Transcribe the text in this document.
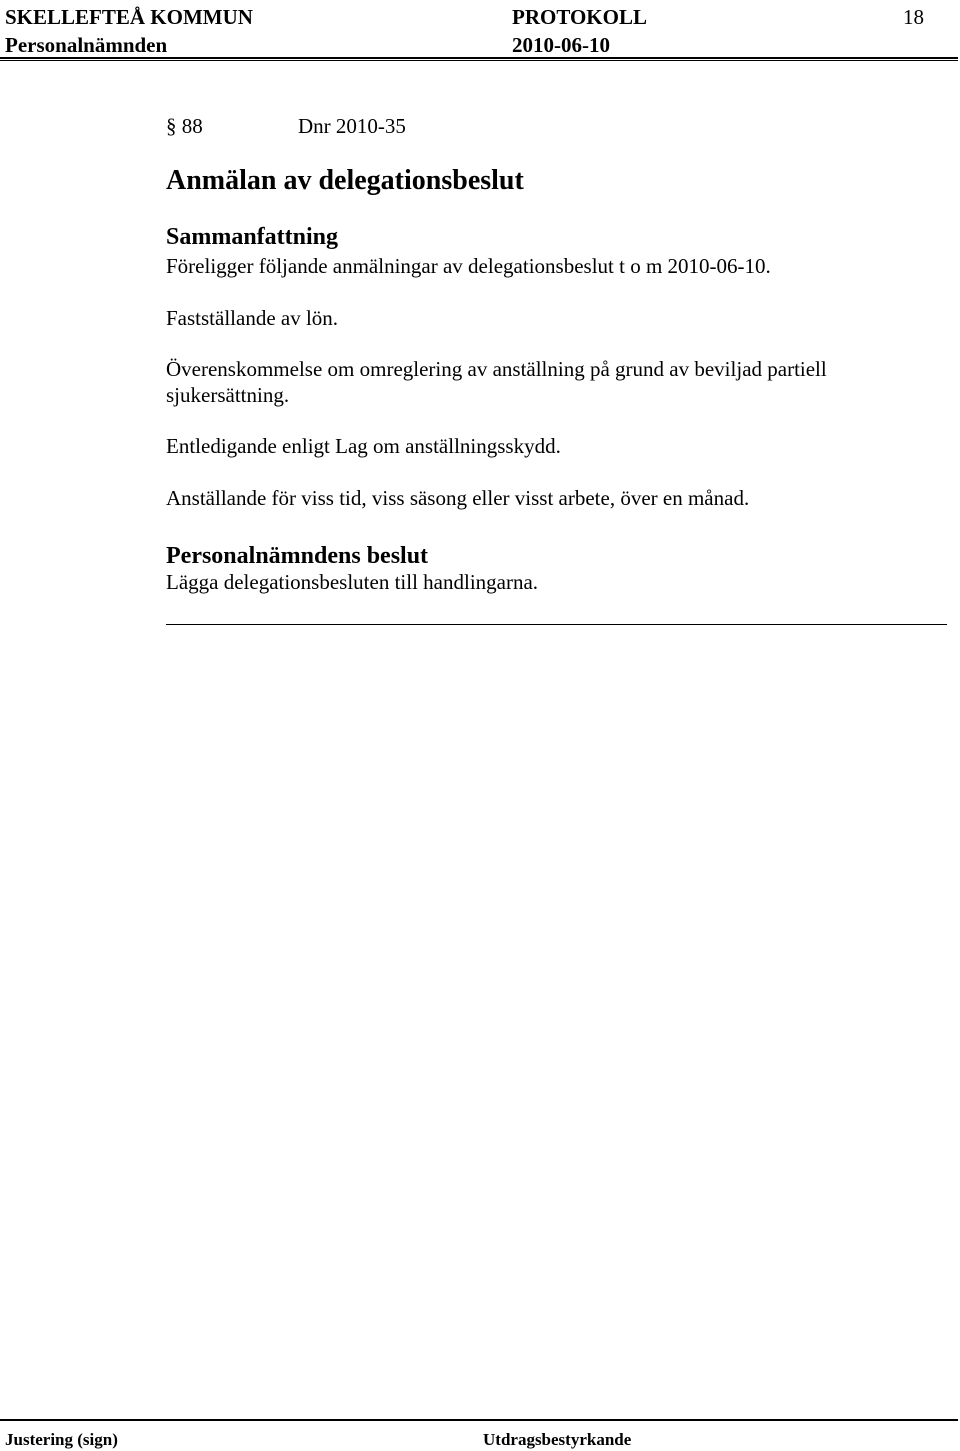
SKELLEFTEÅ KOMMUN
Personalnämnden
PROTOKOLL
2010-06-10
18
§ 88	Dnr 2010-35
Anmälan av delegationsbeslut
Sammanfattning
Föreligger följande anmälningar av delegationsbeslut t o m 2010-06-10.
Fastställande av lön.
Överenskommelse om omreglering av anställning på grund av beviljad partiell
sjukersättning.
Entledigande enligt Lag om anställningsskydd.
Anställande för viss tid, viss säsong eller visst arbete, över en månad.
Personalnämndens beslut
Lägga delegationsbesluten till handlingarna.
Justering (sign)	Utdragsbestyrkande
